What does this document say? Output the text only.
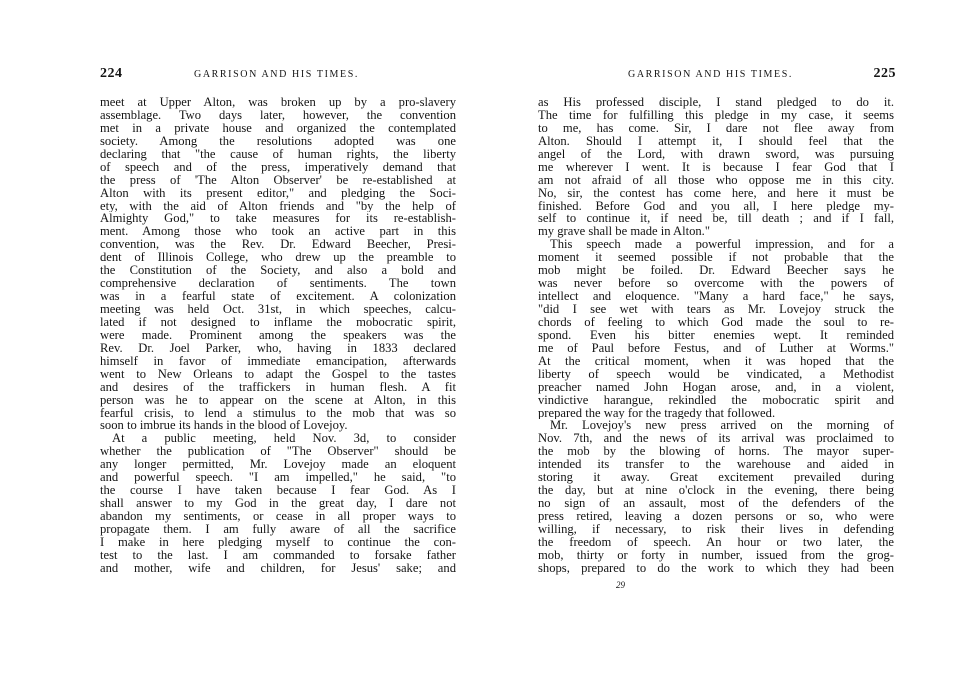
224	GARRISON AND HIS TIMES.
meet at Upper Alton, was broken up by a pro-slavery
assemblage. Two days later, however, the convention
met in a private house and organized the contemplated
society. Among the resolutions adopted was one
declaring that "the cause of human rights, the liberty
of speech and of the press, imperatively demand that
the press of 'The Alton Observer' be re-established at
Alton with its present editor," and pledging the Soci-
ety, with the aid of Alton friends and "by the help of
Almighty God," to take measures for its re-establish-
ment. Among those who took an active part in this
convention, was the Rev. Dr. Edward Beecher, Presi-
dent of Illinois College, who drew up the preamble to
the Constitution of the Society, and also a bold and
comprehensive declaration of sentiments. The town
was in a fearful state of excitement. A colonization
meeting was held Oct. 31st, in which speeches, calcu-
lated if not designed to inflame the mobocratic spirit,
were made. Prominent among the speakers was the
Rev. Dr. Joel Parker, who, having in 1833 declared
himself in favor of immediate emancipation, afterwards
went to New Orleans to adapt the Gospel to the tastes
and desires of the traffickers in human flesh. A fit
person was he to appear on the scene at Alton, in this
fearful crisis, to lend a stimulus to the mob that was so
soon to imbrue its hands in the blood of Lovejoy.
At a public meeting, held Nov. 3d, to consider
whether the publication of "The Observer" should be
any longer permitted, Mr. Lovejoy made an eloquent
and powerful speech. "I am impelled," he said, "to
the course I have taken because I fear God. As I
shall answer to my God in the great day, I dare not
abandon my sentiments, or cease in all proper ways to
propagate them. I am fully aware of all the sacrifice
I make in here pledging myself to continue the con-
test to the last. I am commanded to forsake father
and mother, wife and children, for Jesus' sake; and
GARRISON AND HIS TIMES.	225
as His professed disciple, I stand pledged to do it.
The time for fulfilling this pledge in my case, it seems
to me, has come. Sir, I dare not flee away from
Alton. Should I attempt it, I should feel that the
angel of the Lord, with drawn sword, was pursuing
me wherever I went. It is because I fear God that I
am not afraid of all those who oppose me in this city.
No, sir, the contest has come here, and here it must be
finished. Before God and you all, I here pledge my-
self to continue it, if need be, till death ; and if I fall,
my grave shall be made in Alton."
This speech made a powerful impression, and for a
moment it seemed possible if not probable that the
mob might be foiled. Dr. Edward Beecher says he
was never before so overcome with the powers of
intellect and eloquence. "Many a hard face," he says,
"did I see wet with tears as Mr. Lovejoy struck the
chords of feeling to which God made the soul to re-
spond. Even his bitter enemies wept. It reminded
me of Paul before Festus, and of Luther at Worms."
At the critical moment, when it was hoped that the
liberty of speech would be vindicated, a Methodist
preacher named John Hogan arose, and, in a violent,
vindictive harangue, rekindled the mobocratic spirit and
prepared the way for the tragedy that followed.
Mr. Lovejoy's new press arrived on the morning of
Nov. 7th, and the news of its arrival was proclaimed to
the mob by the blowing of horns. The mayor super-
intended its transfer to the warehouse and aided in
storing it away. Great excitement prevailed during
the day, but at nine o'clock in the evening, there being
no sign of an assault, most of the defenders of the
press retired, leaving a dozen persons or so, who were
willing, if necessary, to risk their lives in defending
the freedom of speech. An hour or two later, the
mob, thirty or forty in number, issued from the grog-
shops, prepared to do the work to which they had been
29
